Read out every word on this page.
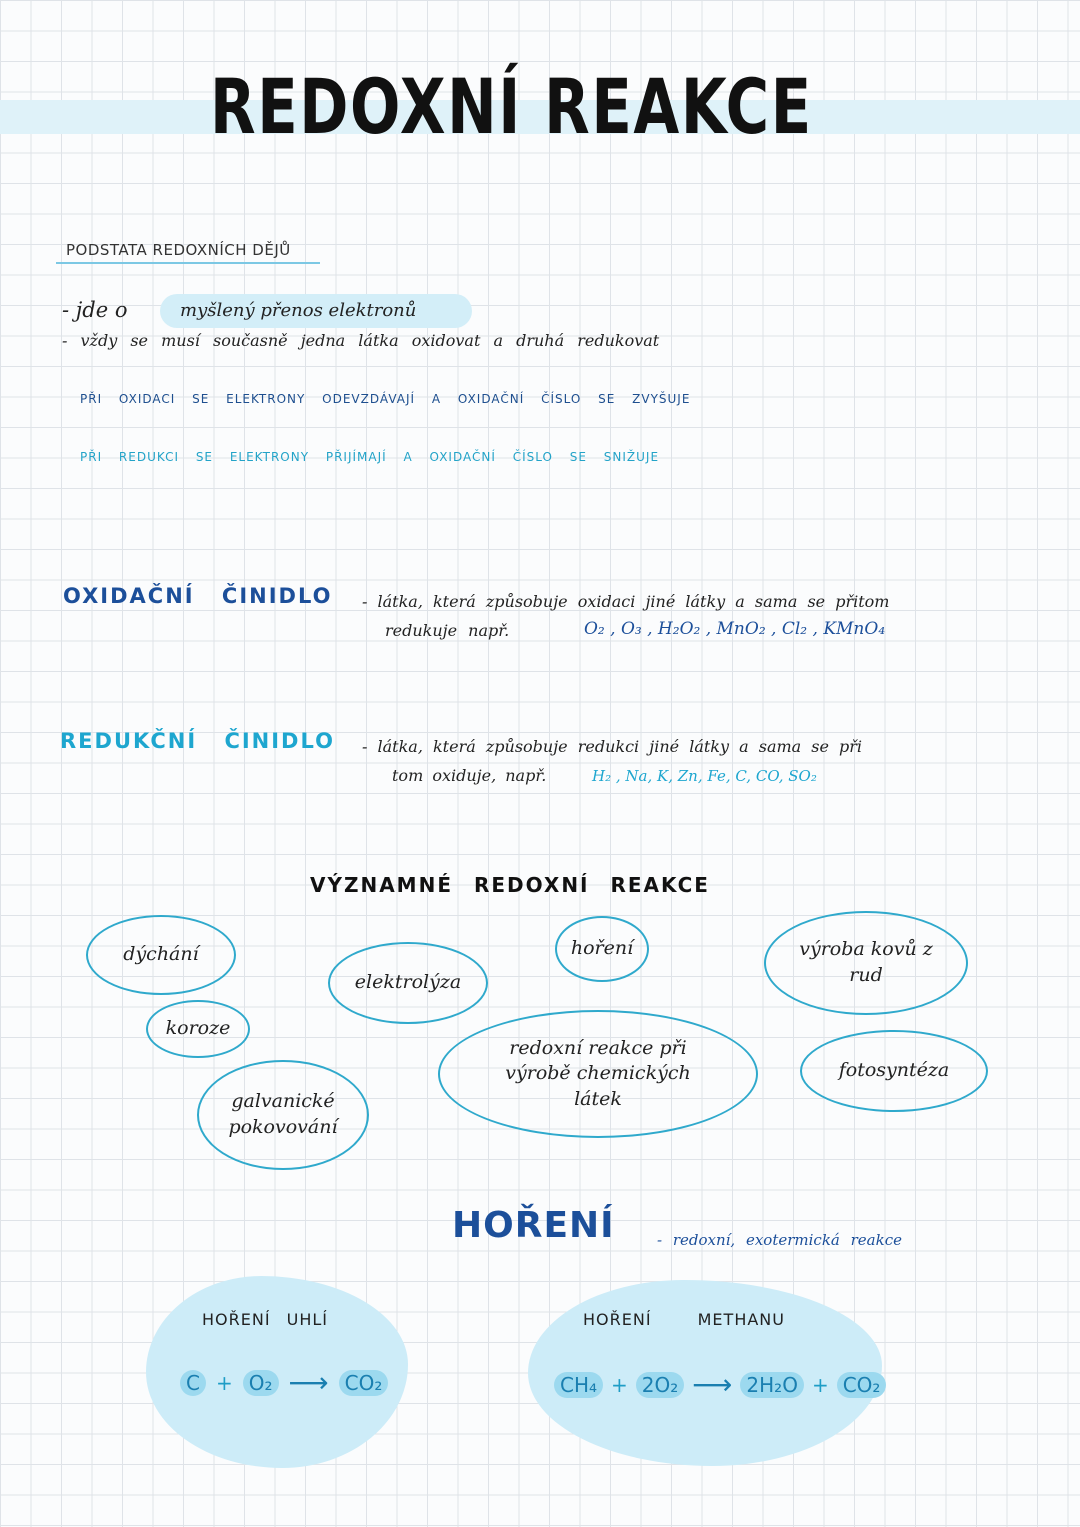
REDOXNÍ REAKCE
PODSTATA REDOXNÍCH DĚJŮ
- jde o	myšlený přenos elektronů
- vždy se musí současně jedna látka oxidovat a druhá redukovat
PŘI OXIDACI SE ELEKTRONY ODEVZDÁVAJÍ A OXIDAČNÍ ČÍSLO SE ZVYŠUJE
PŘI REDUKCI SE ELEKTRONY PŘIJÍMAJÍ A OXIDAČNÍ ČÍSLO SE SNIŽUJE
OXIDAČNÍ ČINIDLO - látka, která způsobuje oxidaci jiné látky a sama se přitom
redukuje např.	O₂ , O₃ , H₂O₂ , MnO₂ , Cl₂ , KMnO₄
REDUKČNÍ ČINIDLO - látka, která způsobuje redukci jiné látky a sama se při
tom oxiduje, např.	H₂ , Na, K, Zn, Fe, C, CO, SO₂
VÝZNAMNÉ REDOXNÍ REAKCE
dýchání
koroze
galvanické pokovování
elektrolýza
hoření
redoxní reakce při výrobě chemických látek
výroba kovů z rud
fotosyntéza
HOŘENÍ	- redoxní, exotermická reakce
HOŘENÍ UHLÍ
C + O₂ ⟶ CO₂
HOŘENÍ METHANU
CH₄ + 2O₂ ⟶ 2H₂O + CO₂
